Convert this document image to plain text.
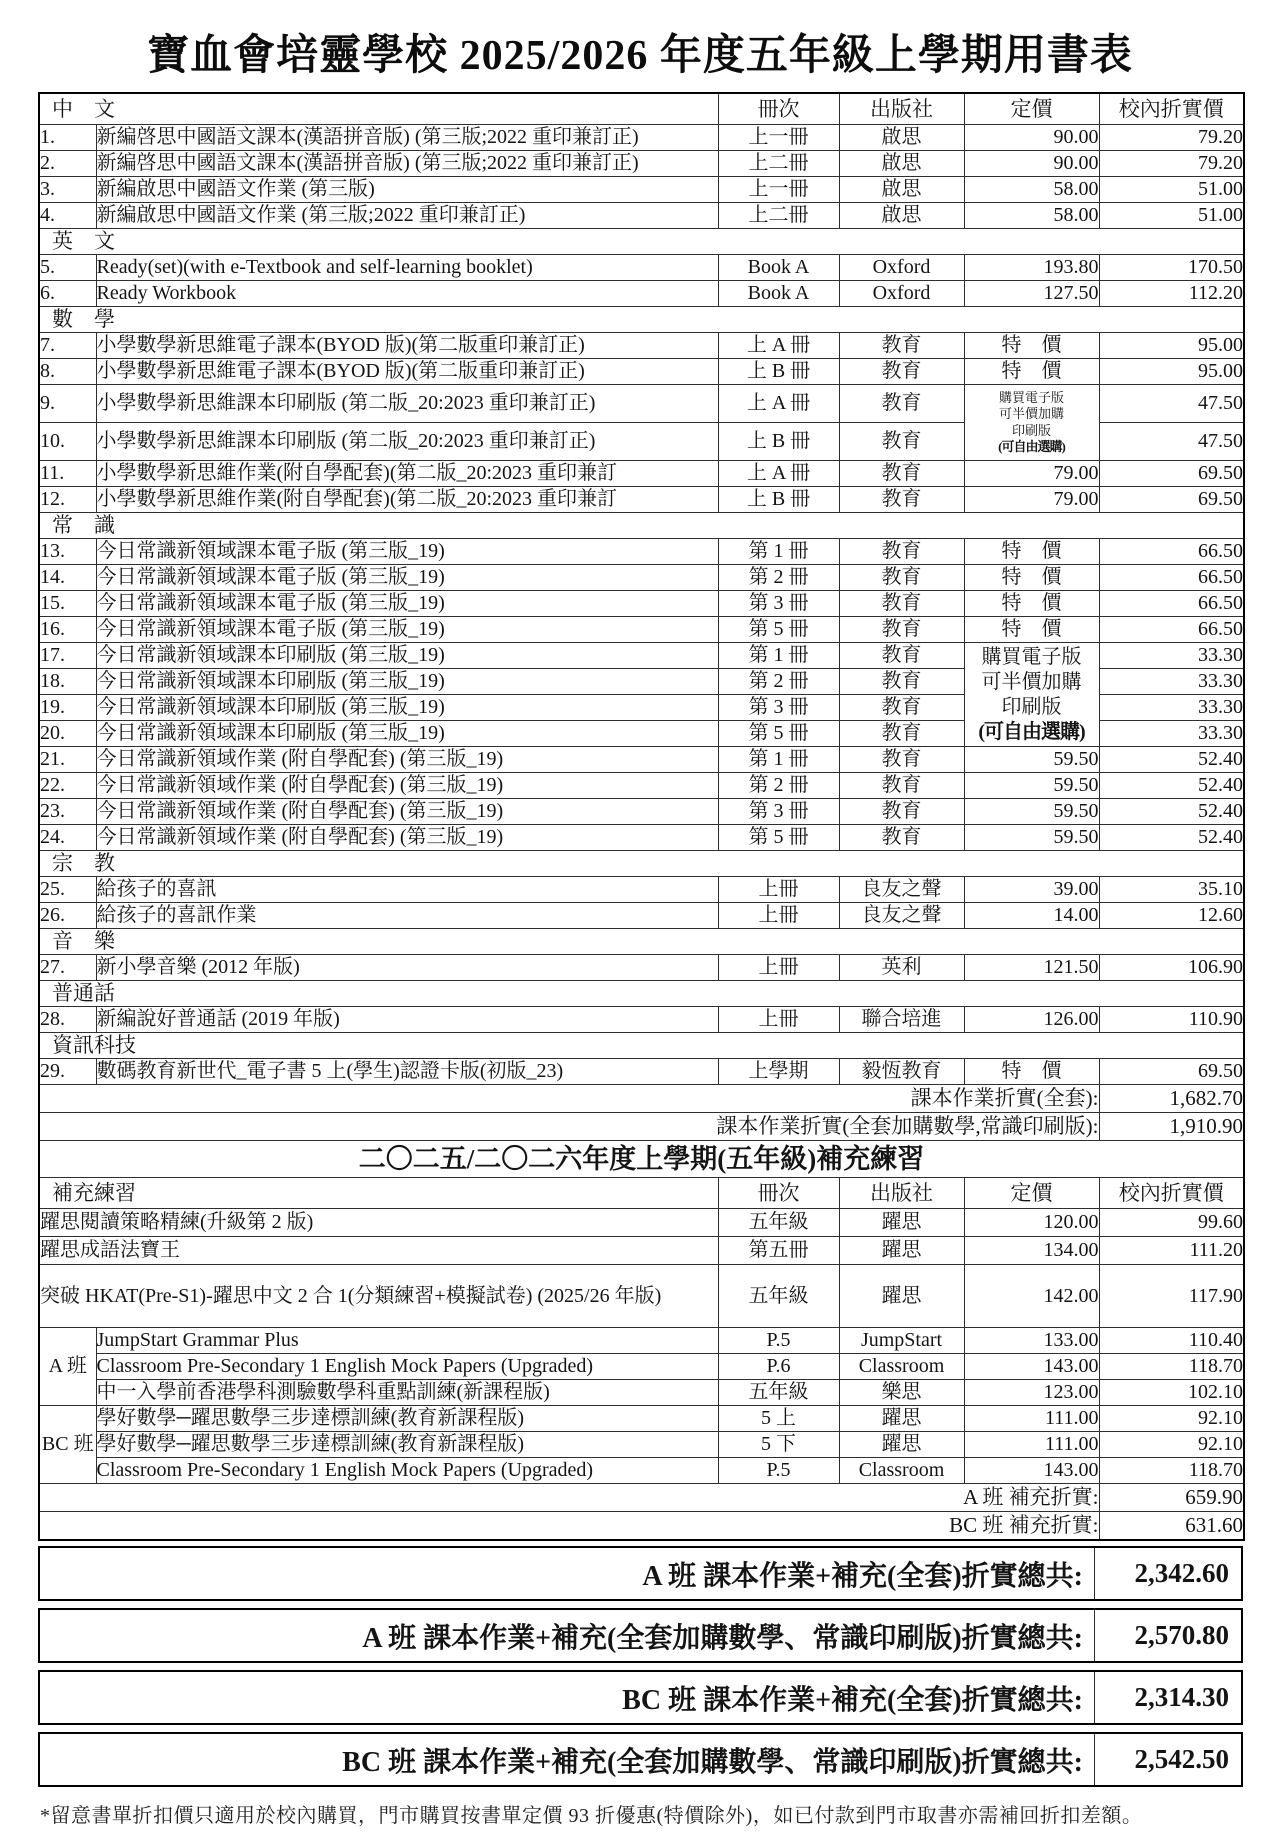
寶血會培靈學校 2025/2026 年度五年級上學期用書表
中　文		冊次	出版社	定價	校內折實價
1.	新編啓思中國語文課本(漢語拼音版) (第三版;2022 重印兼訂正)	上一冊	啟思	90.00	79.20
2.	新編啓思中國語文課本(漢語拼音版) (第三版;2022 重印兼訂正)	上二冊	啟思	90.00	79.20
3.	新編啟思中國語文作業 (第三版)	上一冊	啟思	58.00	51.00
4.	新編啟思中國語文作業 (第三版;2022 重印兼訂正)	上二冊	啟思	58.00	51.00
英　文					
5.	Ready(set)(with e-Textbook and self-learning booklet)	Book A	Oxford	193.80	170.50
6.	Ready Workbook	Book A	Oxford	127.50	112.20
數　學					
7.	小學數學新思維電子課本(BYOD 版)(第二版重印兼訂正)	上 A 冊	教育	特　價	95.00
8.	小學數學新思維電子課本(BYOD 版)(第二版重印兼訂正)	上 B 冊	教育	特　價	95.00
9.	小學數學新思維課本印刷版 (第二版_20:2023 重印兼訂正)	上 A 冊	教育	購買電子版
可半價加購
印刷版
(可自由選購)	47.50
10.	小學數學新思維課本印刷版 (第二版_20:2023 重印兼訂正)	上 B 冊	教育		47.50
11.	小學數學新思維作業(附自學配套)(第二版_20:2023 重印兼訂	上 A 冊	教育	79.00	69.50
12.	小學數學新思維作業(附自學配套)(第二版_20:2023 重印兼訂	上 B 冊	教育	79.00	69.50
常　識					
13.	今日常識新領域課本電子版 (第三版_19)	第 1 冊	教育	特　價	66.50
14.	今日常識新領域課本電子版 (第三版_19)	第 2 冊	教育	特　價	66.50
15.	今日常識新領域課本電子版 (第三版_19)	第 3 冊	教育	特　價	66.50
16.	今日常識新領域課本電子版 (第三版_19)	第 5 冊	教育	特　價	66.50
17.	今日常識新領域課本印刷版 (第三版_19)	第 1 冊	教育	購買電子版
可半價加購
印刷版
(可自由選購)	33.30
18.	今日常識新領域課本印刷版 (第三版_19)	第 2 冊	教育		33.30
19.	今日常識新領域課本印刷版 (第三版_19)	第 3 冊	教育		33.30
20.	今日常識新領域課本印刷版 (第三版_19)	第 5 冊	教育		33.30
21.	今日常識新領域作業 (附自學配套) (第三版_19)	第 1 冊	教育	59.50	52.40
22.	今日常識新領域作業 (附自學配套) (第三版_19)	第 2 冊	教育	59.50	52.40
23.	今日常識新領域作業 (附自學配套) (第三版_19)	第 3 冊	教育	59.50	52.40
24.	今日常識新領域作業 (附自學配套) (第三版_19)	第 5 冊	教育	59.50	52.40
宗　教					
25.	給孩子的喜訊	上冊	良友之聲	39.00	35.10
26.	給孩子的喜訊作業	上冊	良友之聲	14.00	12.60
音　樂					
27.	新小學音樂 (2012 年版)	上冊	英利	121.50	106.90
普通話					
28.	新編說好普通話 (2019 年版)	上冊	聯合培進	126.00	110.90
資訊科技					
29.	數碼教育新世代_電子書 5 上(學生)認證卡版(初版_23)	上學期	毅恆教育	特　價	69.50
課本作業折實(全套):					1,682.70
課本作業折實(全套加購數學,常識印刷版):					1,910.90
二〇二五/二〇二六年度上學期(五年級)補充練習					
補充練習		冊次	出版社	定價	校內折實價
躍思閱讀策略精練(升級第 2 版)		五年級	躍思	120.00	99.60
躍思成語法寶王		第五冊	躍思	134.00	111.20
突破 HKAT(Pre-S1)-躍思中文 2 合 1(分類練習+模擬試卷) (2025/26 年版)		五年級	躍思	142.00	117.90
A 班	JumpStart Grammar Plus	P.5	JumpStart	133.00	110.40
	Classroom Pre-Secondary 1 English Mock Papers (Upgraded)	P.6	Classroom	143.00	118.70
	中一入學前香港學科測驗數學科重點訓練(新課程版)	五年級	樂思	123.00	102.10
BC 班	學好數學─躍思數學三步達標訓練(教育新課程版)	5 上	躍思	111.00	92.10
	學好數學─躍思數學三步達標訓練(教育新課程版)	5 下	躍思	111.00	92.10
	Classroom Pre-Secondary 1 English Mock Papers (Upgraded)	P.5	Classroom	143.00	118.70
A 班 補充折實:					659.90
BC 班 補充折實:					631.60
A 班 課本作業+補充(全套)折實總共:	2,342.60
A 班 課本作業+補充(全套加購數學、常識印刷版)折實總共:	2,570.80
BC 班 課本作業+補充(全套)折實總共:	2,314.30
BC 班 課本作業+補充(全套加購數學、常識印刷版)折實總共:	2,542.50

*留意書單折扣價只適用於校內購買，門市購買按書單定價 93 折優惠(特價除外)，如已付款到門市取書亦需補回折扣差額。
